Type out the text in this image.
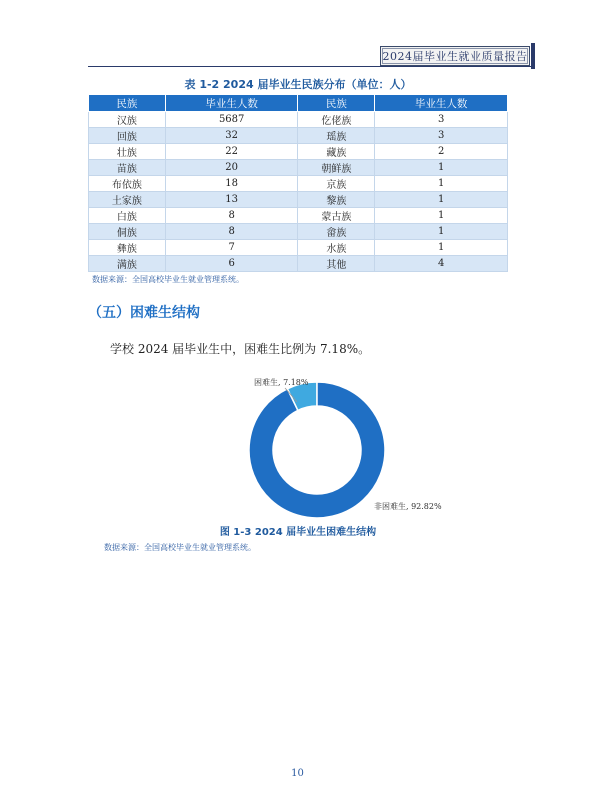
2024届毕业生就业质量报告
表 1-2 2024 届毕业生民族分布（单位：人）
民族	毕业生人数	民族	毕业生人数
汉族	5687	仡佬族	3
回族	32	瑶族	3
壮族	22	藏族	2
苗族	20	朝鲜族	1
布依族	18	京族	1
土家族	13	黎族	1
白族	8	蒙古族	1
侗族	8	畲族	1
彝族	7	水族	1
满族	6	其他	4
数据来源：全国高校毕业生就业管理系统。
（五）困难生结构
学校 2024 届毕业生中，困难生比例为 7.18%。
困难生, 7.18%
非困难生, 92.82%
图 1-3 2024 届毕业生困难生结构
数据来源：全国高校毕业生就业管理系统。
10
